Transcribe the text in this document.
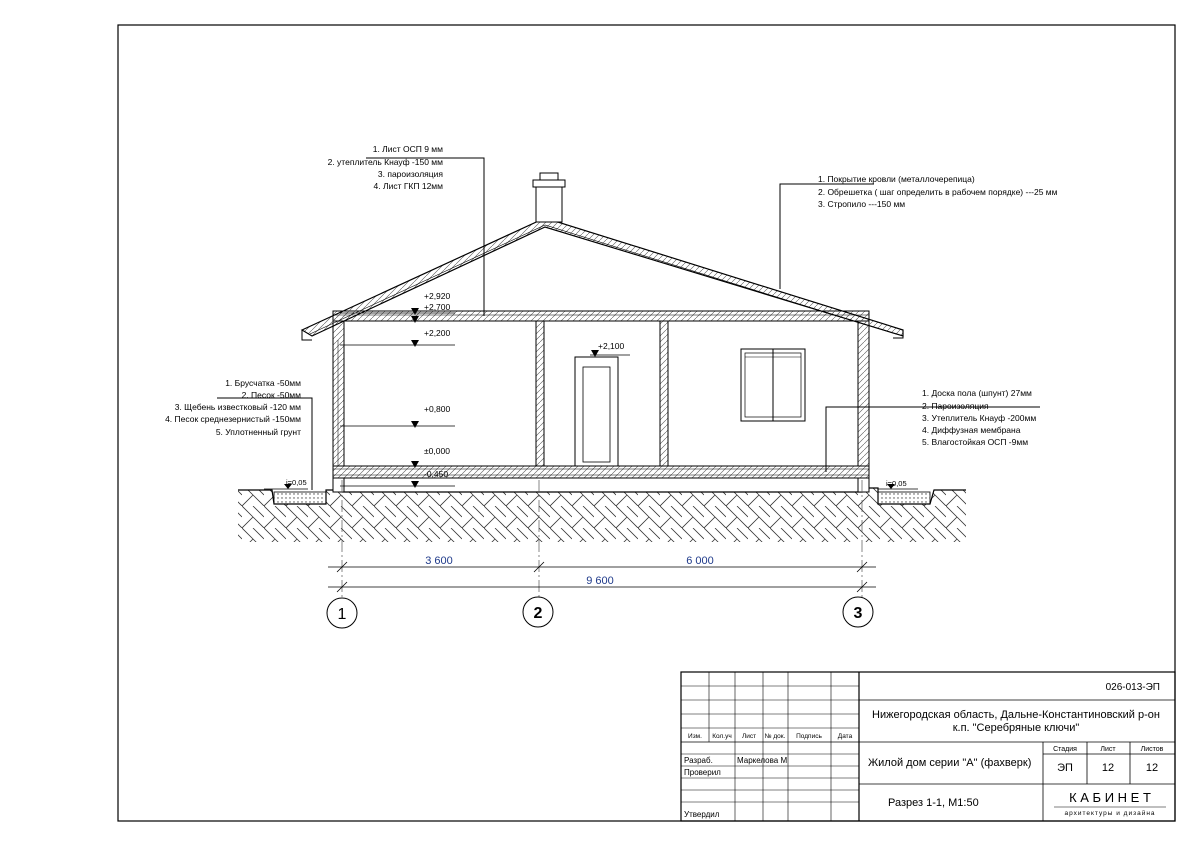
1. Лист ОСП 9 мм
2. утеплитель Кнауф -150 мм
3. пароизоляция
4. Лист ГКП 12мм
1. Покрытие кровли (металлочерепица)
2. Обрешетка ( шаг определить в рабочем порядке) ---25 мм
3. Стропило ---150 мм
1. Брусчатка -50мм
2. Песок -50мм
3. Щебень известковый -120 мм
4. Песок среднезернистый -150мм
5. Уплотненный грунт
1. Доска пола (шпунт) 27мм
2. Пароизоляция
3. Утеплитель Кнауф -200мм
4. Диффузная мембрана
5. Влагостойкая ОСП -9мм
+2,920
+2,700
+2,200
+2,100
+0,800
±0,000
-0,450
i=0,05	i=0,05
3 600	6 000
9 600
1	2	3
026-013-ЭП
Нижегородская область, Дальне-Константиновский р-он
к.п. "Серебряные ключи"
Изм. Кол.уч Лист № док. Подпись Дата
Разраб.	Маркелова М
Проверил
Утвердил
Жилой дом серии "А" (фахверк)
Разрез 1-1, М1:50
Стадия	Лист	Листов
ЭП	12	12
К А Б И Н Е Т
архитектуры и дизайна
